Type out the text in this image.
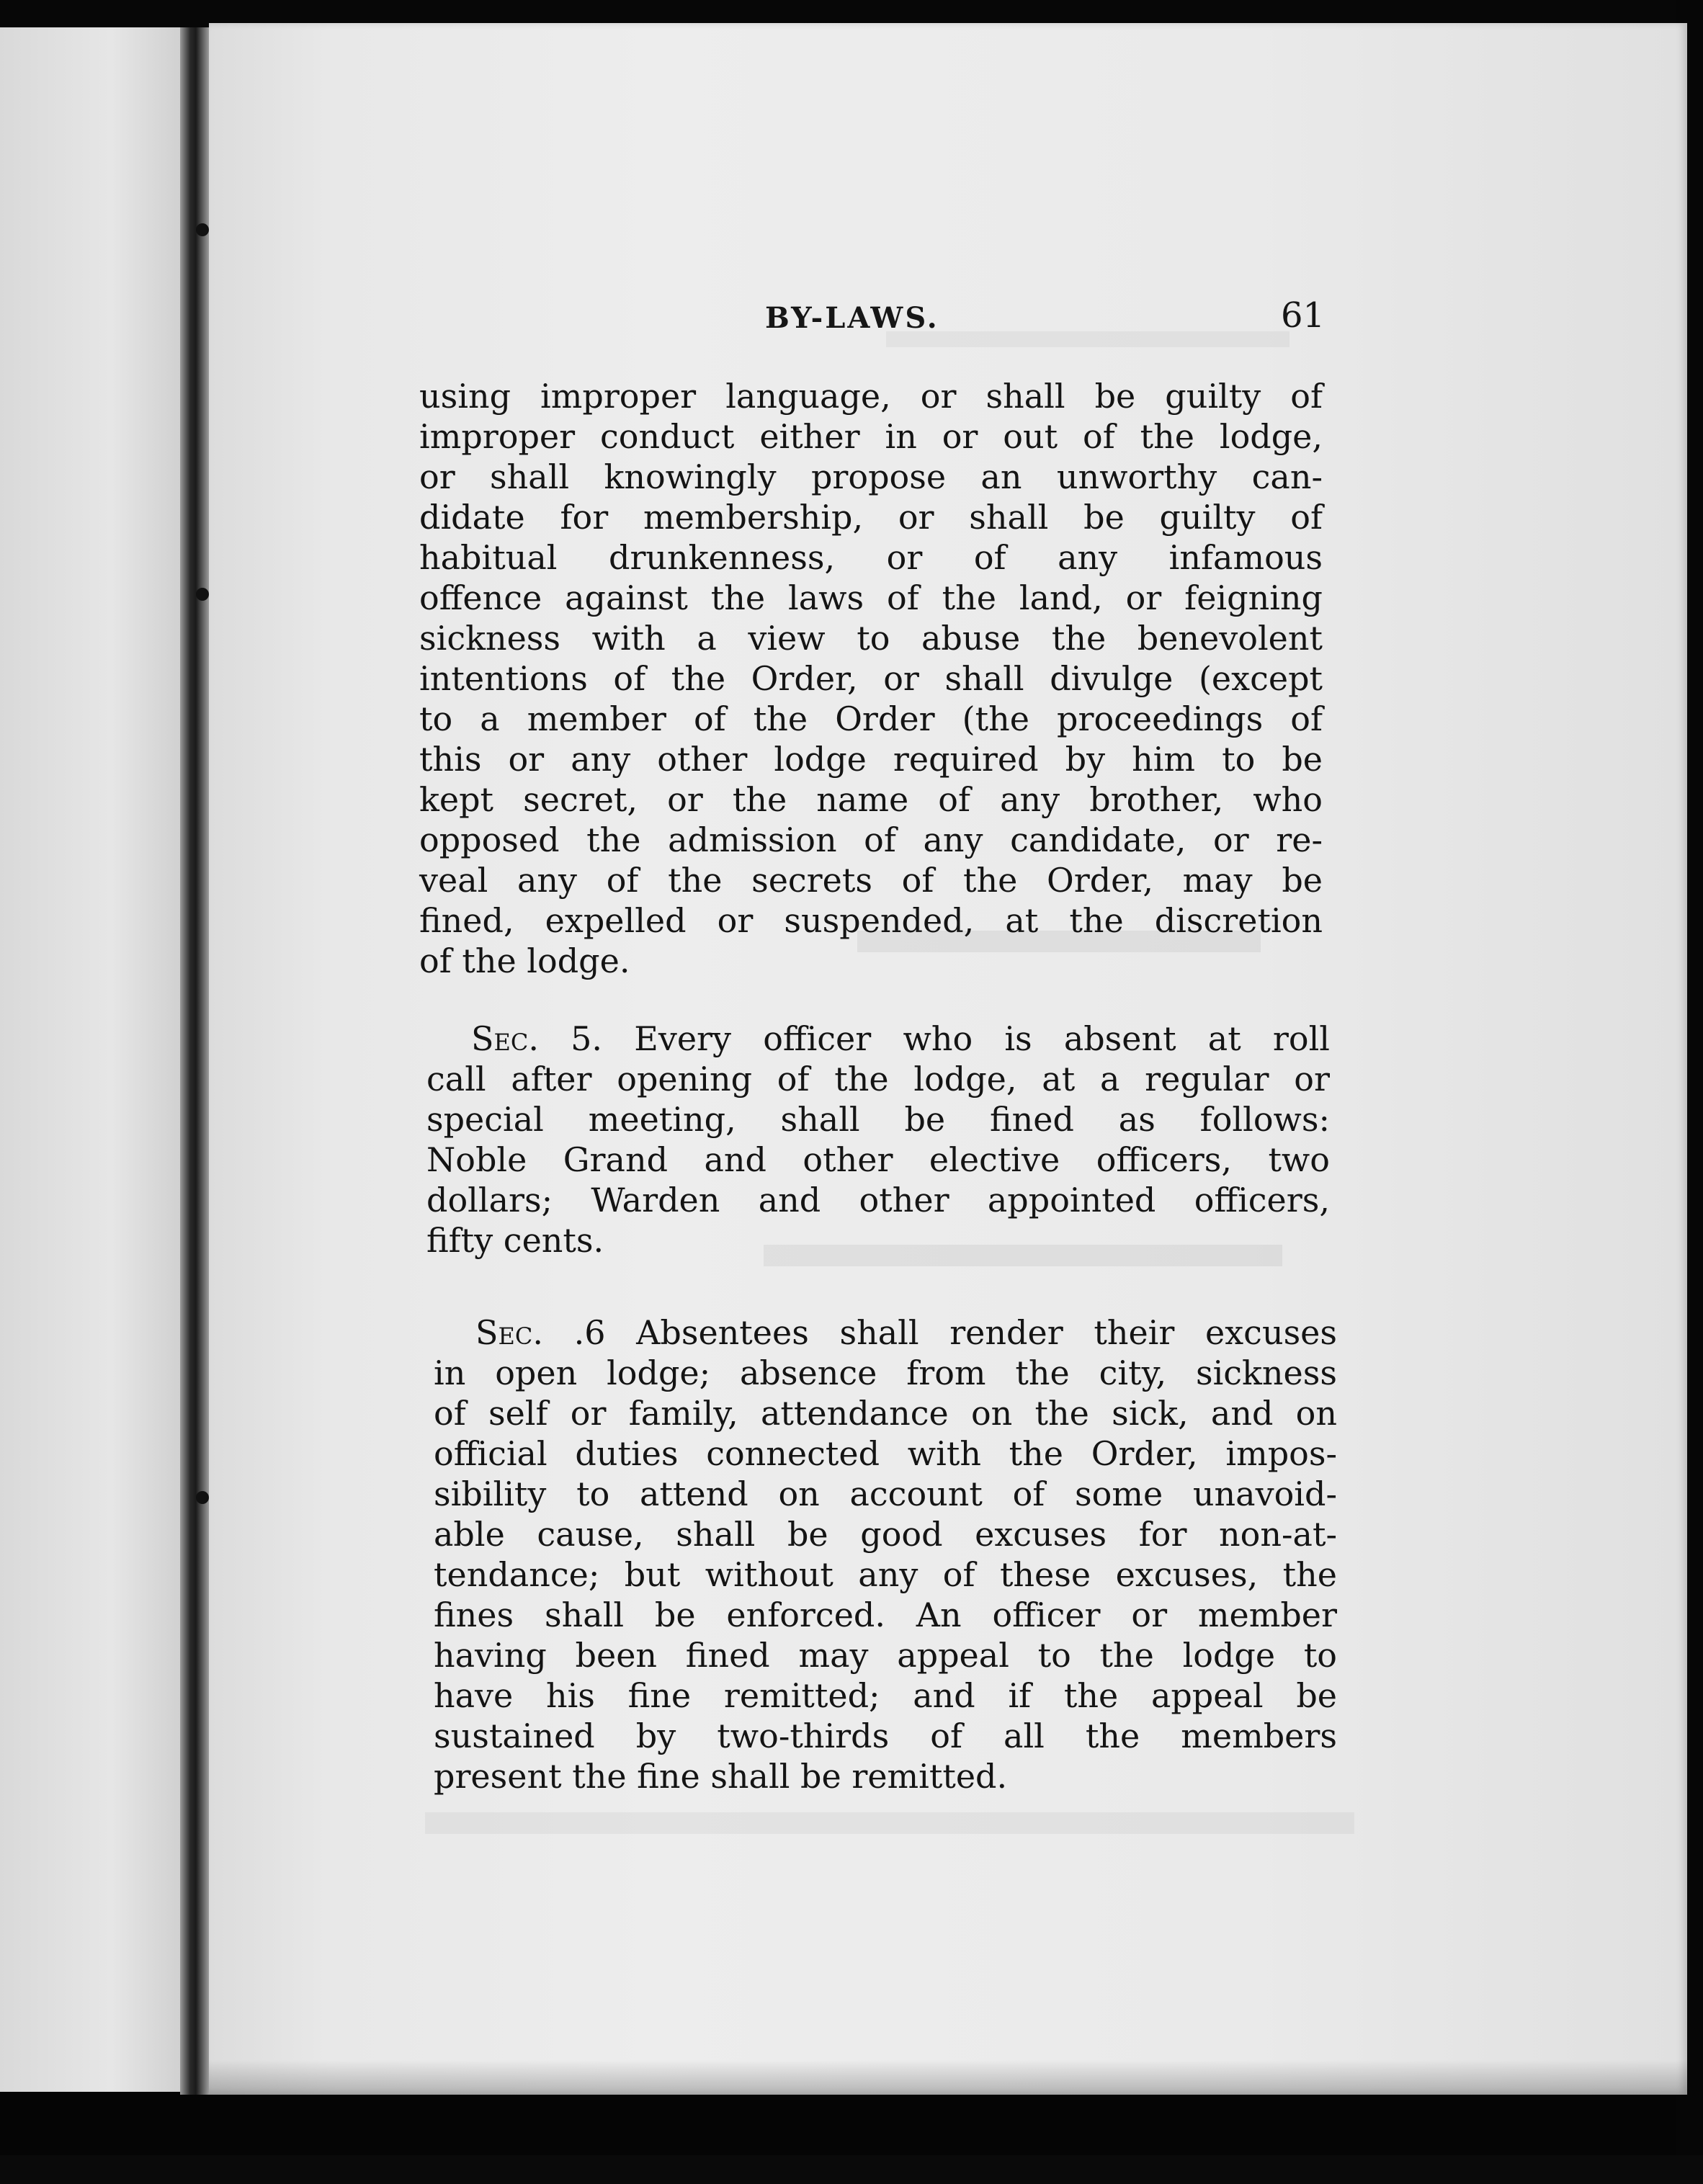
BY-LAWS.	61
using improper language, or shall be guilty of
improper conduct either in or out of the lodge,
or shall knowingly propose an unworthy can-
didate for membership, or shall be guilty of
habitual drunkenness, or of any infamous
offence against the laws of the land, or feigning
sickness with a view to abuse the benevolent
intentions of the Order, or shall divulge (except
to a member of the Order (the proceedings of
this or any other lodge required by him to be
kept secret, or the name of any brother, who
opposed the admission of any candidate, or re-
veal any of the secrets of the Order, may be
fined, expelled or suspended, at the discretion
of the lodge.
Sec. 5. Every officer who is absent at roll
call after opening of the lodge, at a regular or
special meeting, shall be fined as follows:
Noble Grand and other elective officers, two
dollars; Warden and other appointed officers,
fifty cents.
Sec. .6 Absentees shall render their excuses
in open lodge; absence from the city, sickness
of self or family, attendance on the sick, and on
official duties connected with the Order, impos-
sibility to attend on account of some unavoid-
able cause, shall be good excuses for non-at-
tendance; but without any of these excuses, the
fines shall be enforced. An officer or member
having been fined may appeal to the lodge to
have his fine remitted; and if the appeal be
sustained by two-thirds of all the members
present the fine shall be remitted.
